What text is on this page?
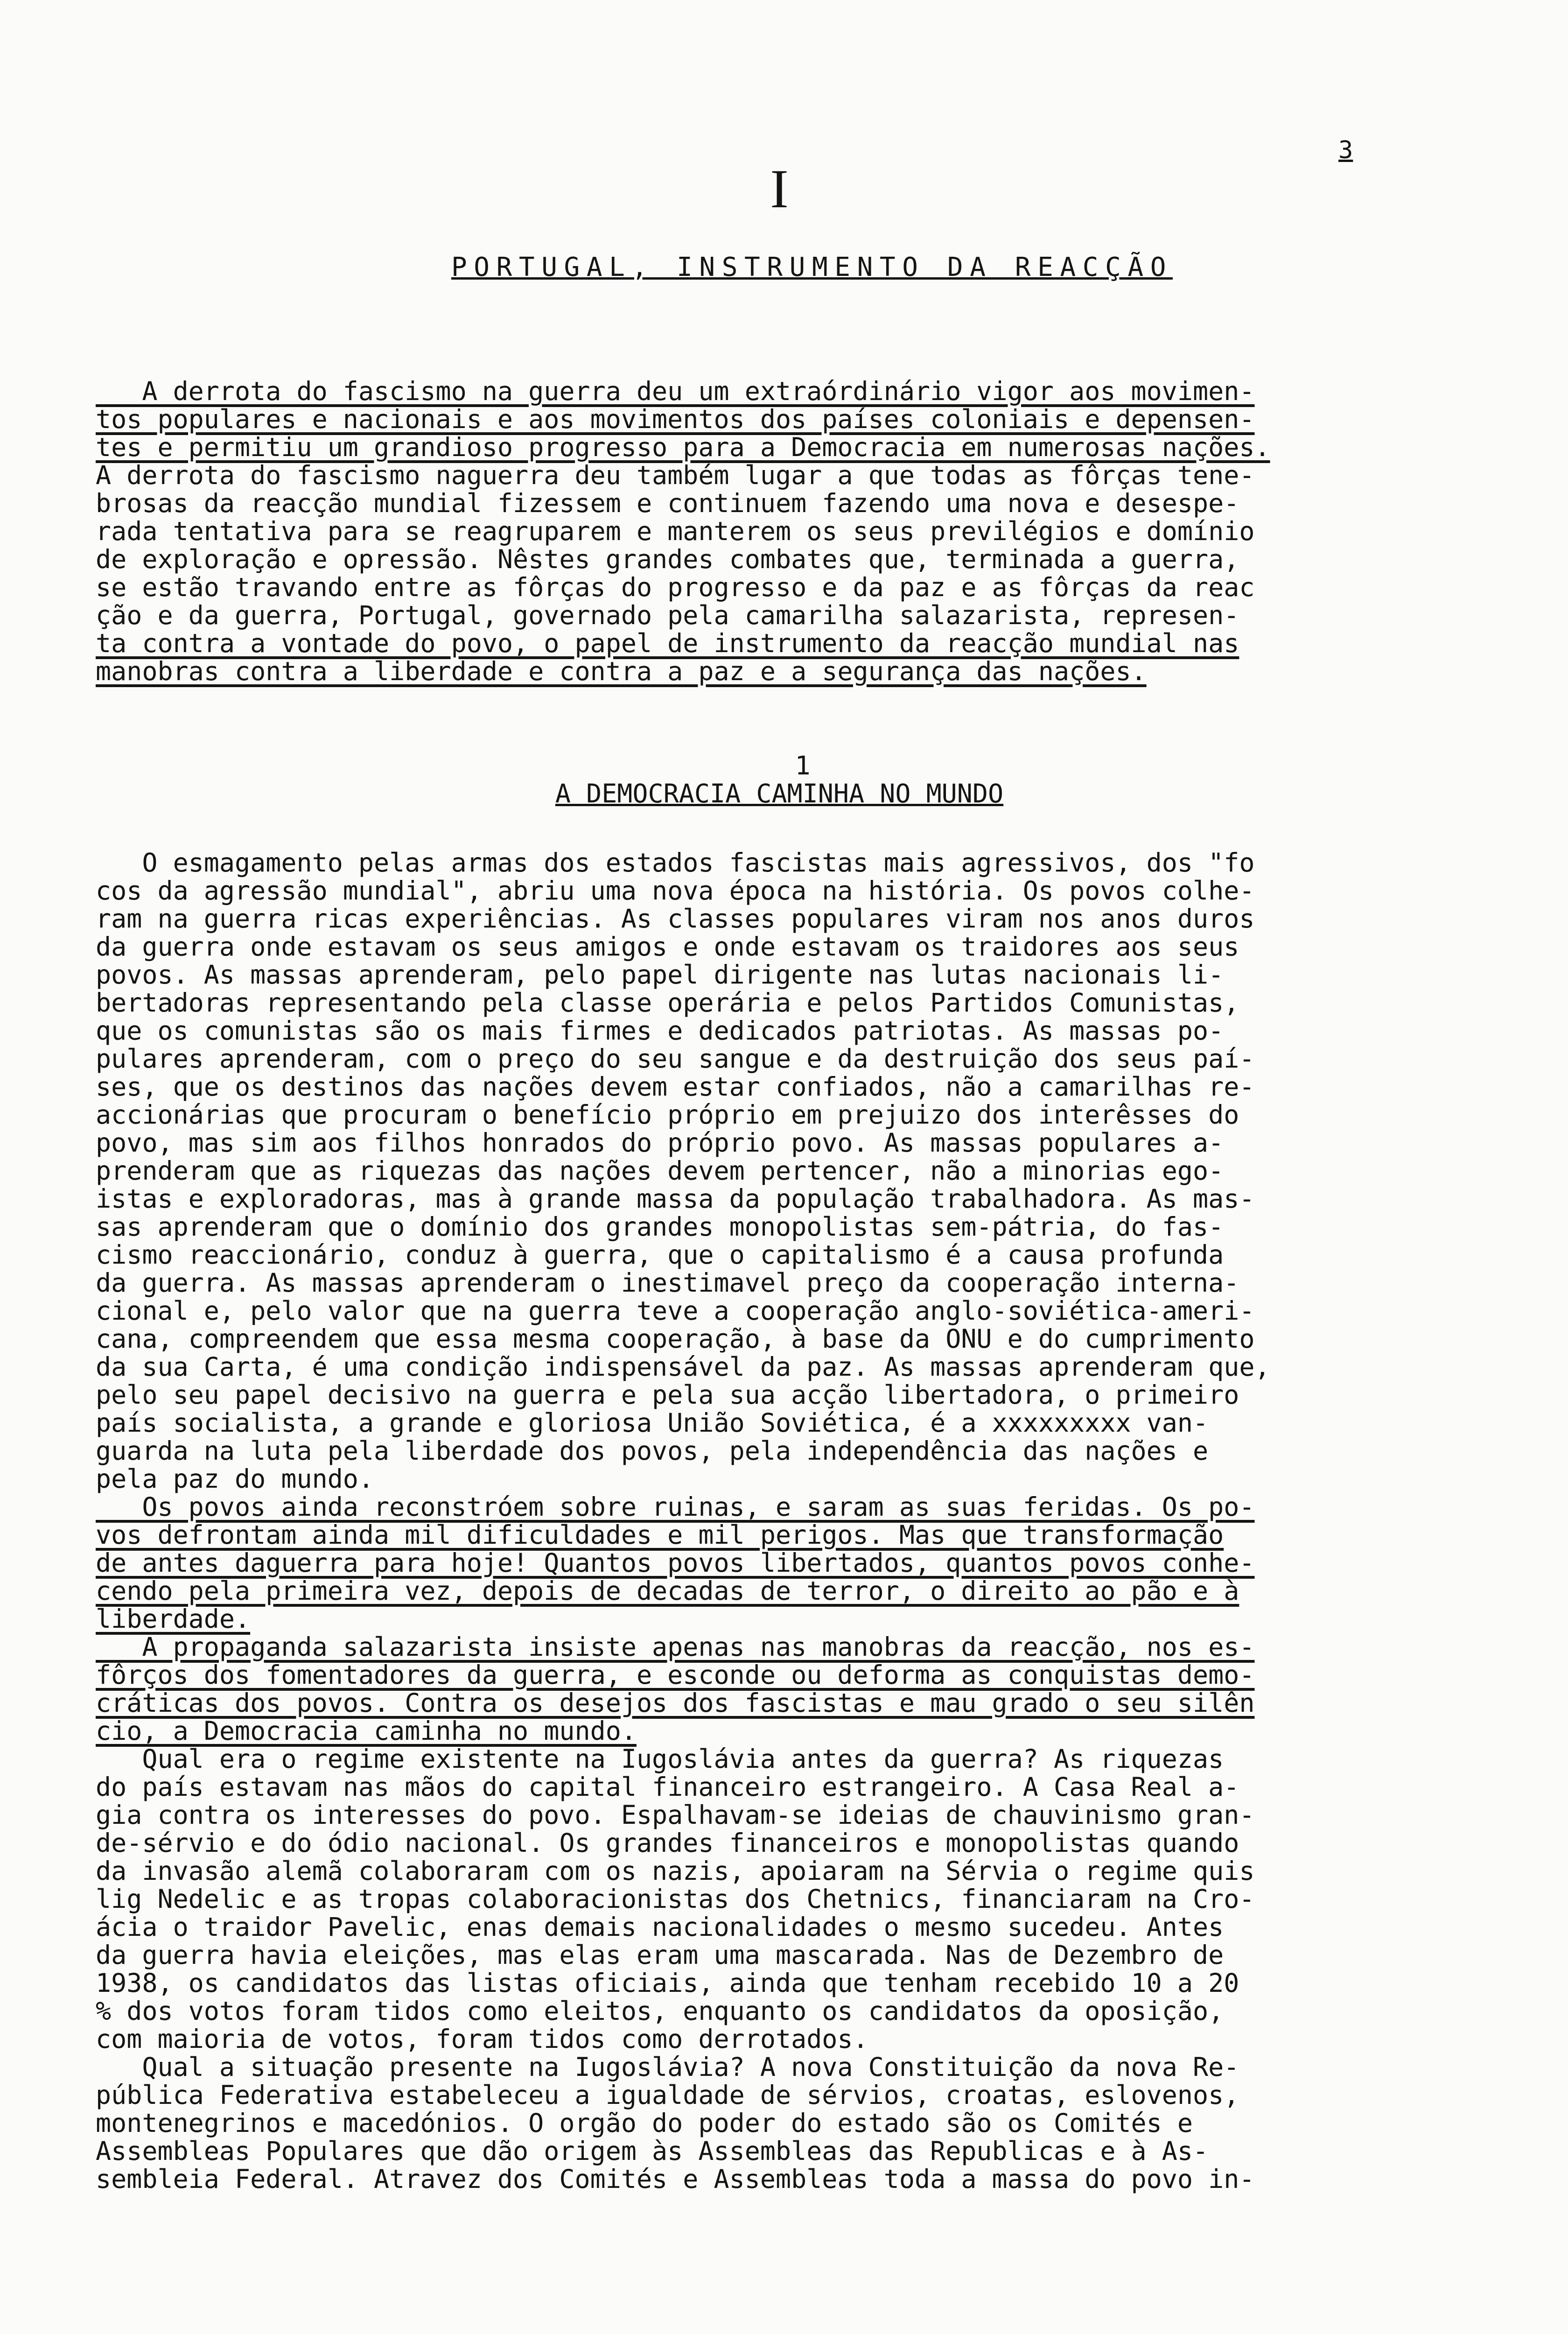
3
I
PORTUGAL, INSTRUMENTO DA REACÇÃO
A derrota do fascismo na guerra deu um extraórdinário vigor aos movimen-
tos populares e nacionais e aos movimentos dos países coloniais e depensen-
tes e permitiu um grandioso progresso para a Democracia em numerosas nações.
A derrota do fascismo naguerra deu também lugar a que todas as fôrças tene-
brosas da reacção mundial fizessem e continuem fazendo uma nova e desespe-
rada tentativa para se reagruparem e manterem os seus previlégios e domínio
de exploração e opressão. Nêstes grandes combates que, terminada a guerra,
se estão travando entre as fôrças do progresso e da paz e as fôrças da reac
ção e da guerra, Portugal, governado pela camarilha salazarista, represen-
ta contra a vontade do povo, o papel de instrumento da reacção mundial nas
manobras contra a liberdade e contra a paz e a segurança das nações.
1
A DEMOCRACIA CAMINHA NO MUNDO
O esmagamento pelas armas dos estados fascistas mais agressivos, dos "fo
cos da agressão mundial", abriu uma nova época na história. Os povos colhe-
ram na guerra ricas experiências. As classes populares viram nos anos duros
da guerra onde estavam os seus amigos e onde estavam os traidores aos seus
povos. As massas aprenderam, pelo papel dirigente nas lutas nacionais li-
bertadoras representando pela classe operária e pelos Partidos Comunistas,
que os comunistas são os mais firmes e dedicados patriotas. As massas po-
pulares aprenderam, com o preço do seu sangue e da destruição dos seus paí-
ses, que os destinos das nações devem estar confiados, não a camarilhas re-
accionárias que procuram o benefício próprio em prejuizo dos interêsses do
povo, mas sim aos filhos honrados do próprio povo. As massas populares a-
prenderam que as riquezas das nações devem pertencer, não a minorias ego-
istas e exploradoras, mas à grande massa da população trabalhadora. As mas-
sas aprenderam que o domínio dos grandes monopolistas sem-pátria, do fas-
cismo reaccionário, conduz à guerra, que o capitalismo é a causa profunda
da guerra. As massas aprenderam o inestimavel preço da cooperação interna-
cional e, pelo valor que na guerra teve a cooperação anglo-soviética-ameri-
cana, compreendem que essa mesma cooperação, à base da ONU e do cumprimento
da sua Carta, é uma condição indispensável da paz. As massas aprenderam que,
pelo seu papel decisivo na guerra e pela sua acção libertadora, o primeiro
país socialista, a grande e gloriosa União Soviética, é a xxxxxxxxx van-
guarda na luta pela liberdade dos povos, pela independência das nações e
pela paz do mundo.
Os povos ainda reconstróem sobre ruinas, e saram as suas feridas. Os po-
vos defrontam ainda mil dificuldades e mil perigos. Mas que transformação
de antes daguerra para hoje! Quantos povos libertados, quantos povos conhe-
cendo pela primeira vez, depois de decadas de terror, o direito ao pão e à
liberdade.
A propaganda salazarista insiste apenas nas manobras da reacção, nos es-
fôrços dos fomentadores da guerra, e esconde ou deforma as conquistas demo-
cráticas dos povos. Contra os desejos dos fascistas e mau grado o seu silên
cio, a Democracia caminha no mundo.
Qual era o regime existente na Iugoslávia antes da guerra? As riquezas
do país estavam nas mãos do capital financeiro estrangeiro. A Casa Real a-
gia contra os interesses do povo. Espalhavam-se ideias de chauvinismo gran-
de-sérvio e do ódio nacional. Os grandes financeiros e monopolistas quando
da invasão alemã colaboraram com os nazis, apoiaram na Sérvia o regime quis
lig Nedelic e as tropas colaboracionistas dos Chetnics, financiaram na Cro-
ácia o traidor Pavelic, enas demais nacionalidades o mesmo sucedeu. Antes
da guerra havia eleições, mas elas eram uma mascarada. Nas de Dezembro de
1938, os candidatos das listas oficiais, ainda que tenham recebido 10 a 20
% dos votos foram tidos como eleitos, enquanto os candidatos da oposição,
com maioria de votos, foram tidos como derrotados.
Qual a situação presente na Iugoslávia? A nova Constituição da nova Re-
pública Federativa estabeleceu a igualdade de sérvios, croatas, eslovenos,
montenegrinos e macedónios. O orgão do poder do estado são os Comités e
Assembleas Populares que dão origem às Assembleas das Republicas e à As-
sembleia Federal. Atravez dos Comités e Assembleas toda a massa do povo in-
